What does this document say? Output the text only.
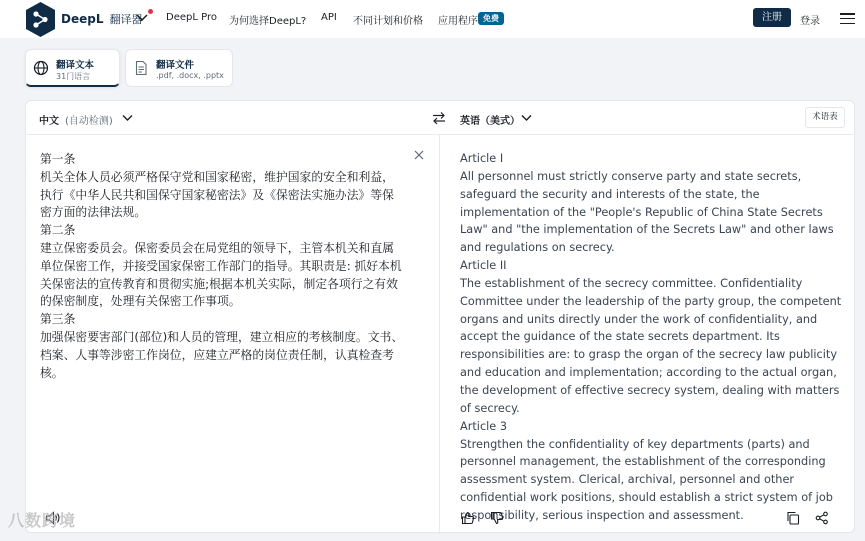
DeepL 翻译器 DeepL Pro 为何选择DeepL? API 不同计划和价格 应用程序 免费	注册	登录
翻译文本
31门语言
翻译文件
.pdf, .docx, .pptx
中文 (自动检测)	英语（美式）	术语表
第一条
机关全体人员必须严格保守党和国家秘密，维护国家的安全和利益，执行《中华人民共和国保守国家秘密法》及《保密法实施办法》等保密方面的法律法规。
第二条
建立保密委员会。保密委员会在局党组的领导下，主管本机关和直属单位保密工作，并接受国家保密工作部门的指导。其职责是: 抓好本机关保密法的宣传教育和贯彻实施;根据本机关实际，制定各项行之有效的保密制度，处理有关保密工作事项。
第三条
加强保密要害部门(部位)和人员的管理，建立相应的考核制度。文书、档案、人事等涉密工作岗位，应建立严格的岗位责任制，认真检查考核。
Article I
All personnel must strictly conserve party and state secrets, safeguard the security and interests of the state, the implementation of the "People's Republic of China State Secrets Law" and "the implementation of the Secrets Law" and other laws and regulations on secrecy.
Article II
The establishment of the secrecy committee. Confidentiality Committee under the leadership of the party group, the competent organs and units directly under the work of confidentiality, and accept the guidance of the state secrets department. Its responsibilities are: to grasp the organ of the secrecy law publicity and education and implementation; according to the actual organ, the development of effective secrecy system, dealing with matters of secrecy.
Article 3
Strengthen the confidentiality of key departments (parts) and personnel management, the establishment of the corresponding assessment system. Clerical, archival, personnel and other confidential work positions, should establish a strict system of job responsibility, serious inspection and assessment.
八数跨境
